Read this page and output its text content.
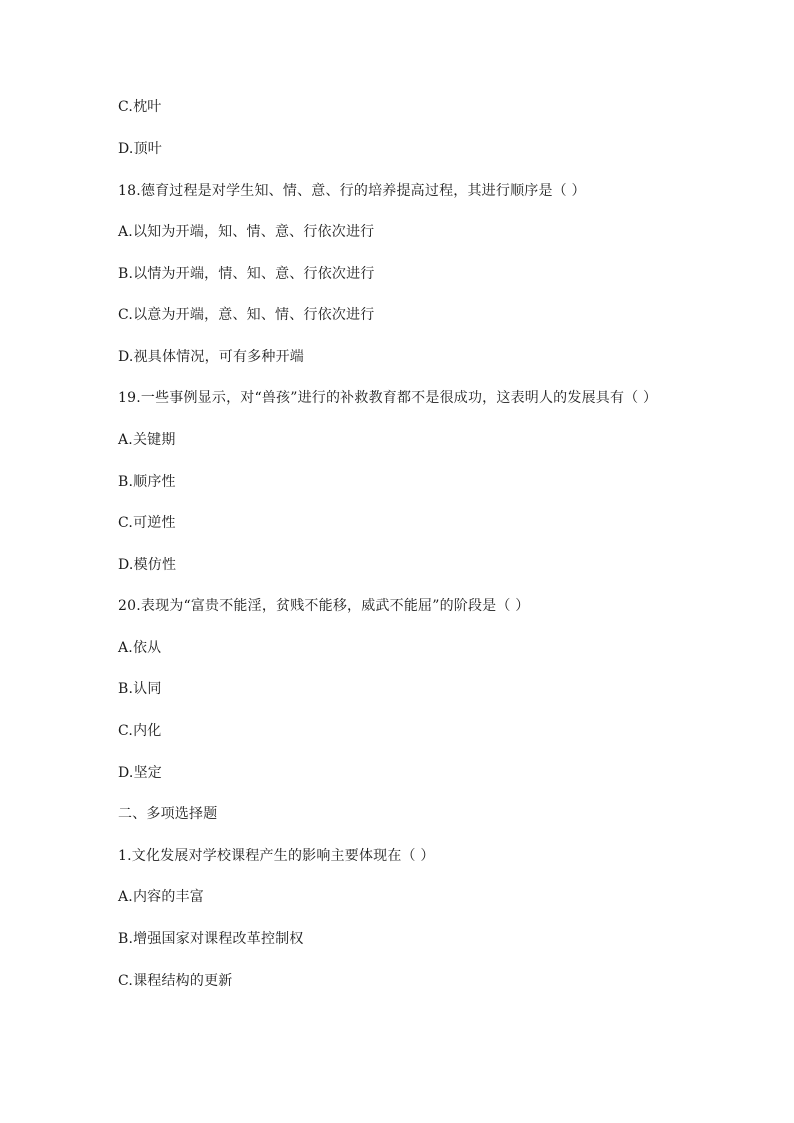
C.枕叶
D.顶叶
18.德育过程是对学生知、情、意、行的培养提高过程，其进行顺序是（ ）
A.以知为开端，知、情、意、行依次进行
B.以情为开端，情、知、意、行依次进行
C.以意为开端，意、知、情、行依次进行
D.视具体情况，可有多种开端
19.一些事例显示，对“兽孩”进行的补救教育都不是很成功，这表明人的发展具有（ ）
A.关键期
B.顺序性
C.可逆性
D.模仿性
20.表现为“富贵不能淫，贫贱不能移，威武不能屈”的阶段是（ ）
A.依从
B.认同
C.内化
D.坚定
二、多项选择题
1.文化发展对学校课程产生的影响主要体现在（ ）
A.内容的丰富
B.增强国家对课程改革控制权
C.课程结构的更新
